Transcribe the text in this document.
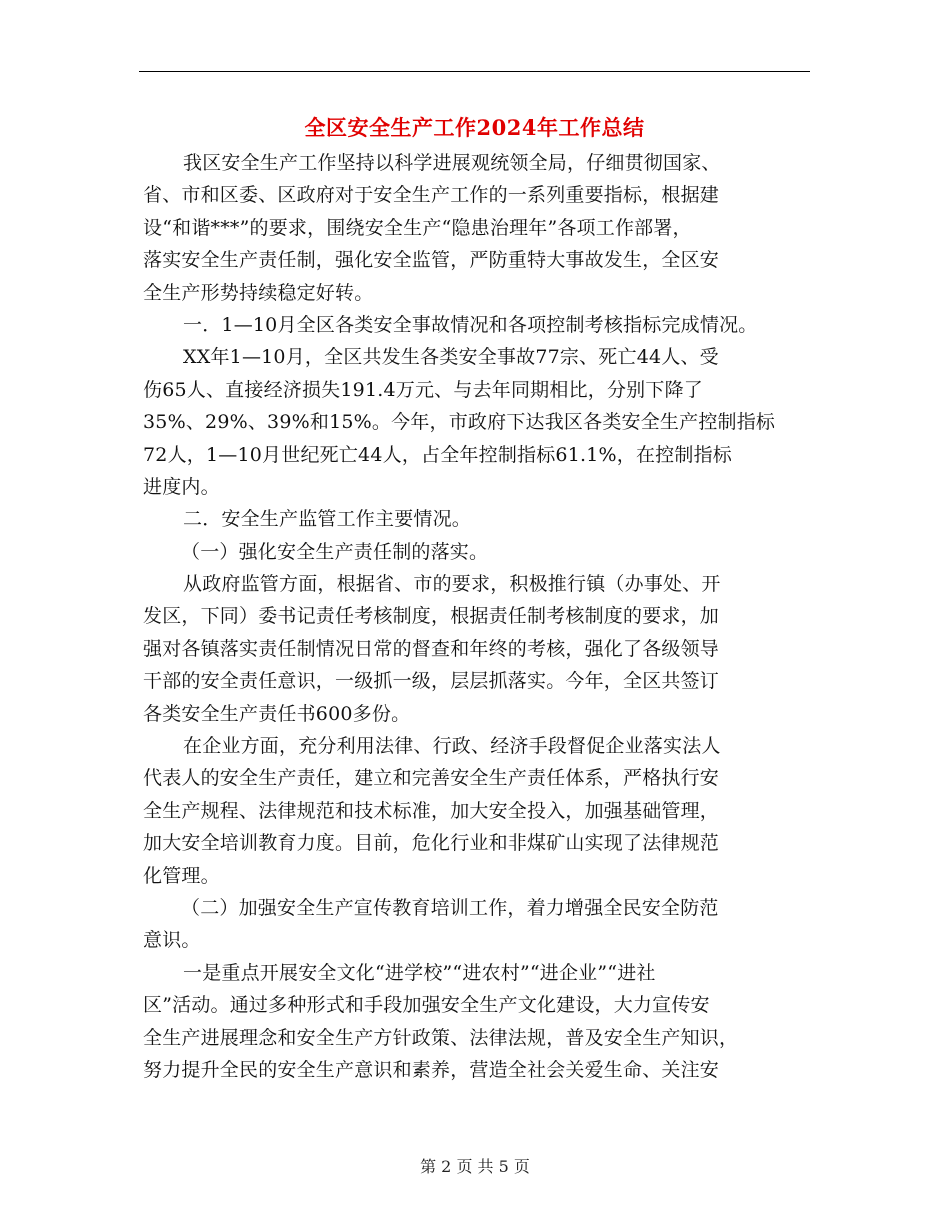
全区安全生产工作2024年工作总结
我区安全生产工作坚持以科学进展观统领全局，仔细贯彻国家、
省、市和区委、区政府对于安全生产工作的一系列重要指标，根据建
设“和谐***”的要求，围绕安全生产“隐患治理年”各项工作部署，
落实安全生产责任制，强化安全监管，严防重特大事故发生，全区安
全生产形势持续稳定好转。
一．1—10月全区各类安全事故情况和各项控制考核指标完成情况。
XX年1—10月，全区共发生各类安全事故77宗、死亡44人、受
伤65人、直接经济损失191.4万元、与去年同期相比，分别下降了
35%、29%、39%和15%。今年，市政府下达我区各类安全生产控制指标
72人，1—10月世纪死亡44人，占全年控制指标61.1%，在控制指标
进度内。
二．安全生产监管工作主要情况。
（一）强化安全生产责任制的落实。
从政府监管方面，根据省、市的要求，积极推行镇（办事处、开
发区，下同）委书记责任考核制度，根据责任制考核制度的要求，加
强对各镇落实责任制情况日常的督查和年终的考核，强化了各级领导
干部的安全责任意识，一级抓一级，层层抓落实。今年，全区共签订
各类安全生产责任书600多份。
在企业方面，充分利用法律、行政、经济手段督促企业落实法人
代表人的安全生产责任，建立和完善安全生产责任体系，严格执行安
全生产规程、法律规范和技术标准，加大安全投入，加强基础管理，
加大安全培训教育力度。目前，危化行业和非煤矿山实现了法律规范
化管理。
（二）加强安全生产宣传教育培训工作，着力增强全民安全防范
意识。
一是重点开展安全文化“进学校”“进农村”“进企业”“进社
区”活动。通过多种形式和手段加强安全生产文化建设，大力宣传安
全生产进展理念和安全生产方针政策、法律法规，普及安全生产知识，
努力提升全民的安全生产意识和素养，营造全社会关爱生命、关注安
第 2 页 共 5 页
